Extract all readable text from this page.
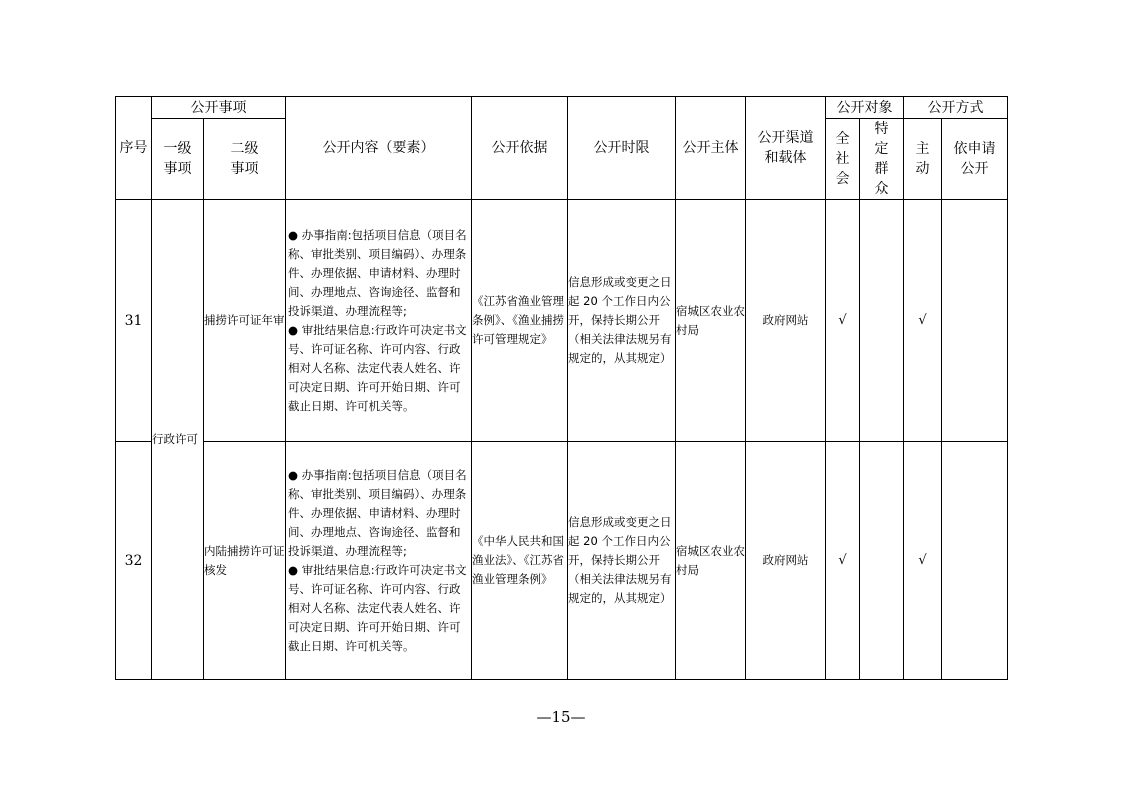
序号	公开事项		公开内容（要素）	公开依据	公开时限	公开主体	公开渠道和载体	公开对象		公开方式	
	一级事项	二级事项						全社会	特定群众	主动	依申请公开
31	行政许可	捕捞许可证年审	● 办事指南:包括项目信息（项目名称、审批类别、项目编码）、办理条件、办理依据、申请材料、办理时间、办理地点、咨询途径、监督和投诉渠道、办理流程等;
● 审批结果信息:行政许可决定书文号、许可证名称、许可内容、行政相对人名称、法定代表人姓名、许可决定日期、许可开始日期、许可截止日期、许可机关等。	《江苏省渔业管理条例》、《渔业捕捞许可管理规定》	信息形成或变更之日起 20 个工作日内公开，保持长期公开（相关法律法规另有规定的，从其规定）	宿城区农业农村局	政府网站	√		√	
32		内陆捕捞许可证核发	● 办事指南:包括项目信息（项目名称、审批类别、项目编码）、办理条件、办理依据、申请材料、办理时间、办理地点、咨询途径、监督和投诉渠道、办理流程等;
● 审批结果信息:行政许可决定书文号、许可证名称、许可内容、行政相对人名称、法定代表人姓名、许可决定日期、许可开始日期、许可截止日期、许可机关等。	《中华人民共和国渔业法》、《江苏省渔业管理条例》	信息形成或变更之日起 20 个工作日内公开，保持长期公开（相关法律法规另有规定的，从其规定）	宿城区农业农村局	政府网站	√		√	
—15—
